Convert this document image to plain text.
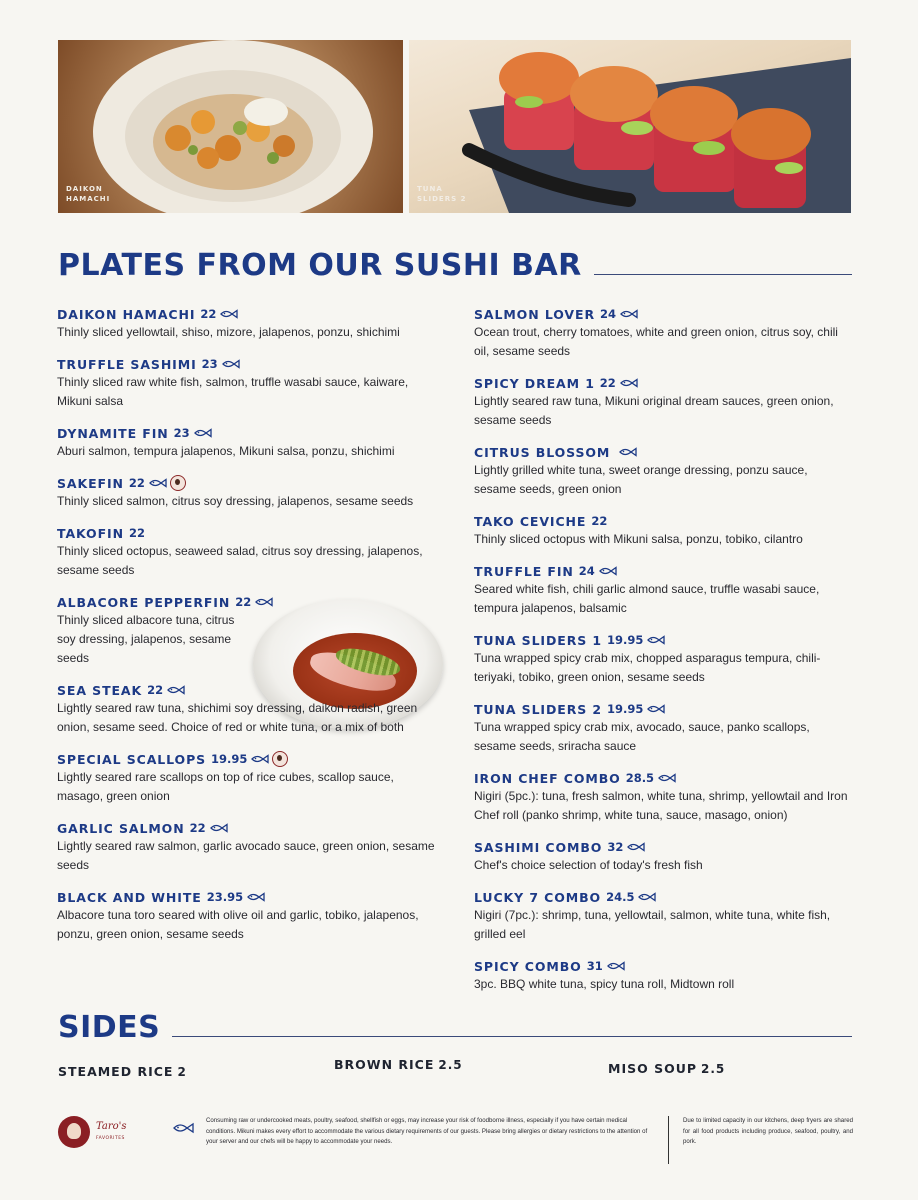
DAIKON
HAMACHI
TUNA
SLIDERS 2
PLATES FROM OUR SUSHI BAR
DAIKON HAMACHI 22
Thinly sliced yellowtail, shiso, mizore, jalapenos, ponzu, shichimi
TRUFFLE SASHIMI 23
Thinly sliced raw white fish, salmon, truffle wasabi sauce, kaiware, Mikuni salsa
DYNAMITE FIN 23
Aburi salmon, tempura jalapenos, Mikuni salsa, ponzu, shichimi
SAKEFIN 22
Thinly sliced salmon, citrus soy dressing, jalapenos, sesame seeds
TAKOFIN 22
Thinly sliced octopus, seaweed salad, citrus soy dressing, jalapenos, sesame seeds
ALBACORE PEPPERFIN 22
Thinly sliced albacore tuna, citrus soy dressing, jalapenos, sesame seeds
SEA STEAK 22
Lightly seared raw tuna, shichimi soy dressing, daikon radish, green onion, sesame seed. Choice of red or white tuna, or a mix of both
SPECIAL SCALLOPS 19.95
Lightly seared rare scallops on top of rice cubes, scallop sauce, masago, green onion
GARLIC SALMON 22
Lightly seared raw salmon, garlic avocado sauce, green onion, sesame seeds
BLACK AND WHITE 23.95
Albacore tuna toro seared with olive oil and garlic, tobiko, jalapenos, ponzu, green onion, sesame seeds
SALMON LOVER 24
Ocean trout, cherry tomatoes, white and green onion, citrus soy, chili oil, sesame seeds
SPICY DREAM 1 22
Lightly seared raw tuna, Mikuni original dream sauces, green onion, sesame seeds
CITRUS BLOSSOM
Lightly grilled white tuna, sweet orange dressing, ponzu sauce, sesame seeds, green onion
TAKO CEVICHE 22
Thinly sliced octopus with Mikuni salsa, ponzu, tobiko, cilantro
TRUFFLE FIN 24
Seared white fish, chili garlic almond sauce, truffle wasabi sauce, tempura jalapenos, balsamic
TUNA SLIDERS 1 19.95
Tuna wrapped spicy crab mix, chopped asparagus tempura, chili-teriyaki, tobiko, green onion, sesame seeds
TUNA SLIDERS 2 19.95
Tuna wrapped spicy crab mix, avocado, sauce, panko scallops, sesame seeds, sriracha sauce
IRON CHEF COMBO 28.5
Nigiri (5pc.): tuna, fresh salmon, white tuna, shrimp, yellowtail and Iron Chef roll (panko shrimp, white tuna, sauce, masago, onion)
SASHIMI COMBO 32
Chef's choice selection of today's fresh fish
LUCKY 7 COMBO 24.5
Nigiri (7pc.): shrimp, tuna, yellowtail, salmon, white tuna, white fish, grilled eel
SPICY COMBO 31
3pc. BBQ white tuna, spicy tuna roll, Midtown roll
SIDES
STEAMED RICE 2	BROWN RICE 2.5	MISO SOUP 2.5
Taro's
FAVORITES
Consuming raw or undercooked meats, poultry, seafood, shellfish or eggs, may increase your risk of foodborne illness, especially if you have certain medical conditions. Mikuni makes every effort to accommodate the various dietary requirements of our guests. Please bring allergies or dietary restrictions to the attention of your server and our chefs will be happy to accommodate your needs.
Due to limited capacity in our kitchens, deep fryers are shared for all food products including produce, seafood, poultry, and pork.
